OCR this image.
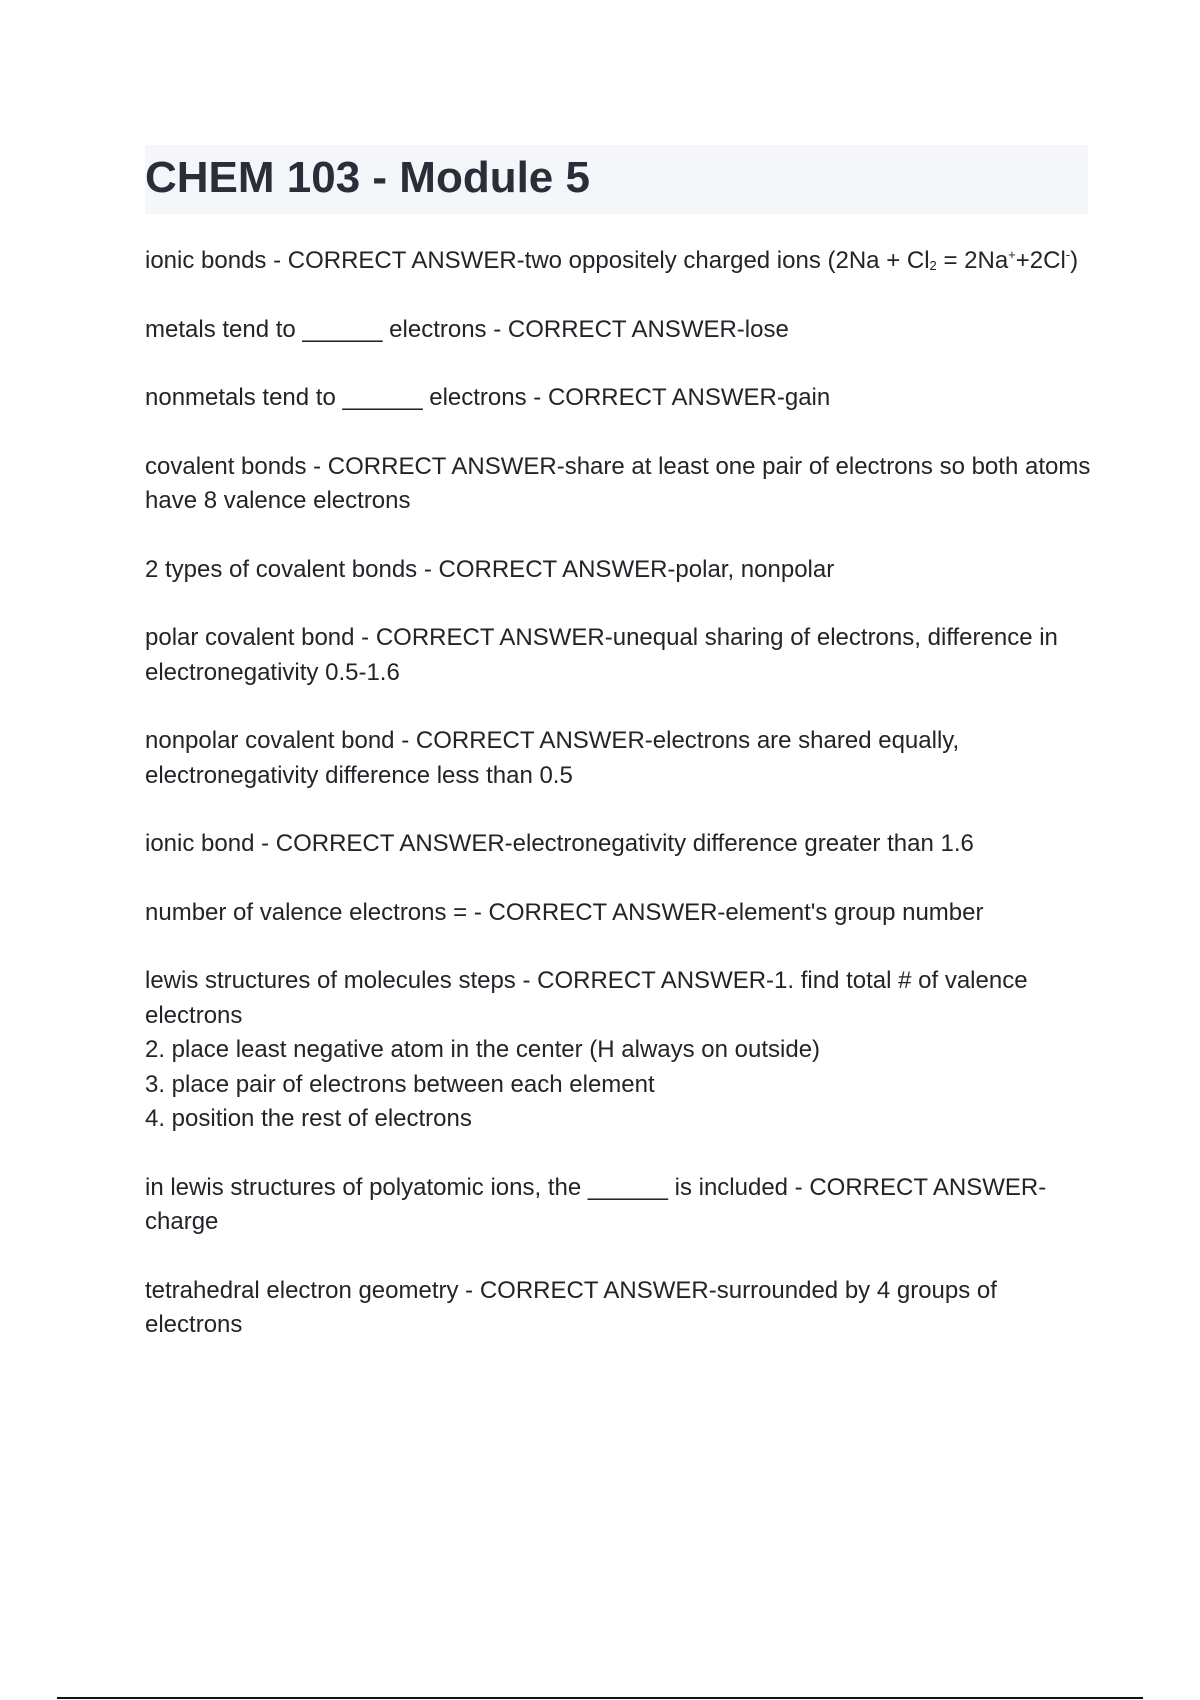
CHEM 103 - Module 5

ionic bonds - CORRECT ANSWER-two oppositely charged ions $(2Na + Cl_2 = 2Na^++2Cl^-)$

metals tend to ______ electrons - CORRECT ANSWER-lose

nonmetals tend to ______ electrons - CORRECT ANSWER-gain

covalent bonds - CORRECT ANSWER-share at least one pair of electrons so both atoms have 8 valence electrons

2 types of covalent bonds - CORRECT ANSWER-polar, nonpolar

polar covalent bond - CORRECT ANSWER-unequal sharing of electrons, difference in electronegativity 0.5-1.6

nonpolar covalent bond - CORRECT ANSWER-electrons are shared equally, electronegativity difference less than 0.5

ionic bond - CORRECT ANSWER-electronegativity difference greater than 1.6

number of valence electrons = - CORRECT ANSWER-element's group number

lewis structures of molecules steps - CORRECT ANSWER-1. find total # of valence electrons
2. place least negative atom in the center (H always on outside)
3. place pair of electrons between each element
4. position the rest of electrons

in lewis structures of polyatomic ions, the ______ is included - CORRECT ANSWER-charge

tetrahedral electron geometry - CORRECT ANSWER-surrounded by 4 groups of electrons
